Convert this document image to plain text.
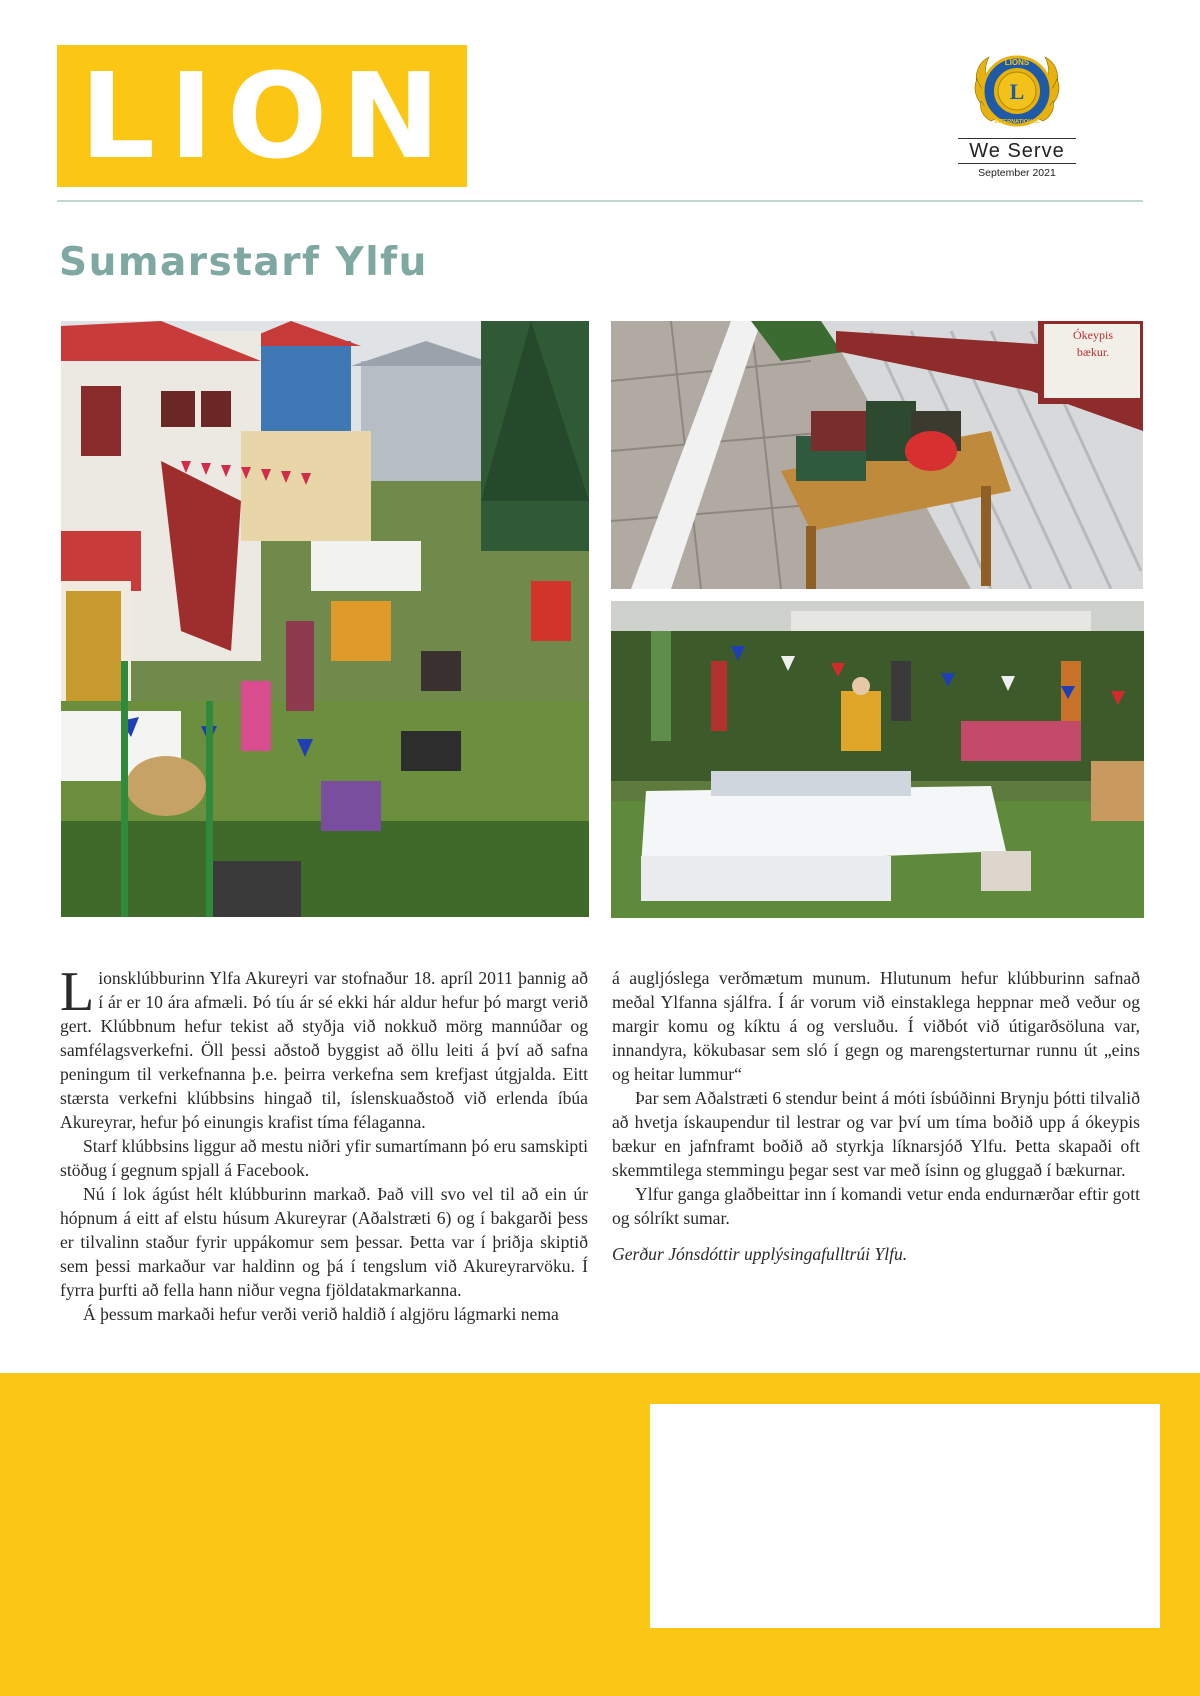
LION	L
LIONS
INTERNATIONAL
We Serve
September 2021
Sumarstarf Ylfu
Ókeypis
bækur.

Lionsklúbburinn Ylfa Akureyri var stofnaður 18. apríl 2011 þannig að í ár er 10 ára afmæli. Þó tíu ár sé ekki hár aldur hefur þó margt verið gert. Klúbbnum hefur tekist að styðja við nokkuð mörg mannúðar og samfélagsverkefni. Öll þessi aðstoð byggist að öllu leiti á því að safna peningum til verkefnanna þ.e. þeirra verkefna sem krefjast útgjalda. Eitt stærsta verkefni klúbbsins hingað til, íslenskuaðstoð við erlenda íbúa Akureyrar, hefur þó einungis krafist tíma félaganna.

Starf klúbbsins liggur að mestu niðri yfir sumartímann þó eru samskipti stöðug í gegnum spjall á Facebook.

Nú í lok ágúst hélt klúbburinn markað. Það vill svo vel til að ein úr hópnum á eitt af elstu húsum Akureyrar (Aðalstræti 6) og í bakgarði þess er tilvalinn staður fyrir uppákomur sem þessar. Þetta var í þriðja skiptið sem þessi markaður var haldinn og þá í tengslum við Akureyrarvöku. Í fyrra þurfti að fella hann niður vegna fjöldatakmarkanna.

Á þessum markaði hefur verði verið haldið í algjöru lágmarki nema

á augljóslega verðmætum munum. Hlutunum hefur klúbburinn safnað meðal Ylfanna sjálfra. Í ár vorum við einstaklega heppnar með veður og margir komu og kíktu á og versluðu. Í viðbót við útigarðsöluna var, innandyra, kökubasar sem sló í gegn og marengsterturnar runnu út „eins og heitar lummur“

Þar sem Aðalstræti 6 stendur beint á móti ísbúðinni Brynju þótti tilvalið að hvetja ískaupendur til lestrar og var því um tíma boðið upp á ókeypis bækur en jafnframt boðið að styrkja líknarsjóð Ylfu. Þetta skapaði oft skemmtilega stemmingu þegar sest var með ísinn og gluggað í bækurnar.

Ylfur ganga glaðbeittar inn í komandi vetur enda endurnærðar eftir gott og sólríkt sumar.

Gerður Jónsdóttir upplýsingafulltrúi Ylfu.
